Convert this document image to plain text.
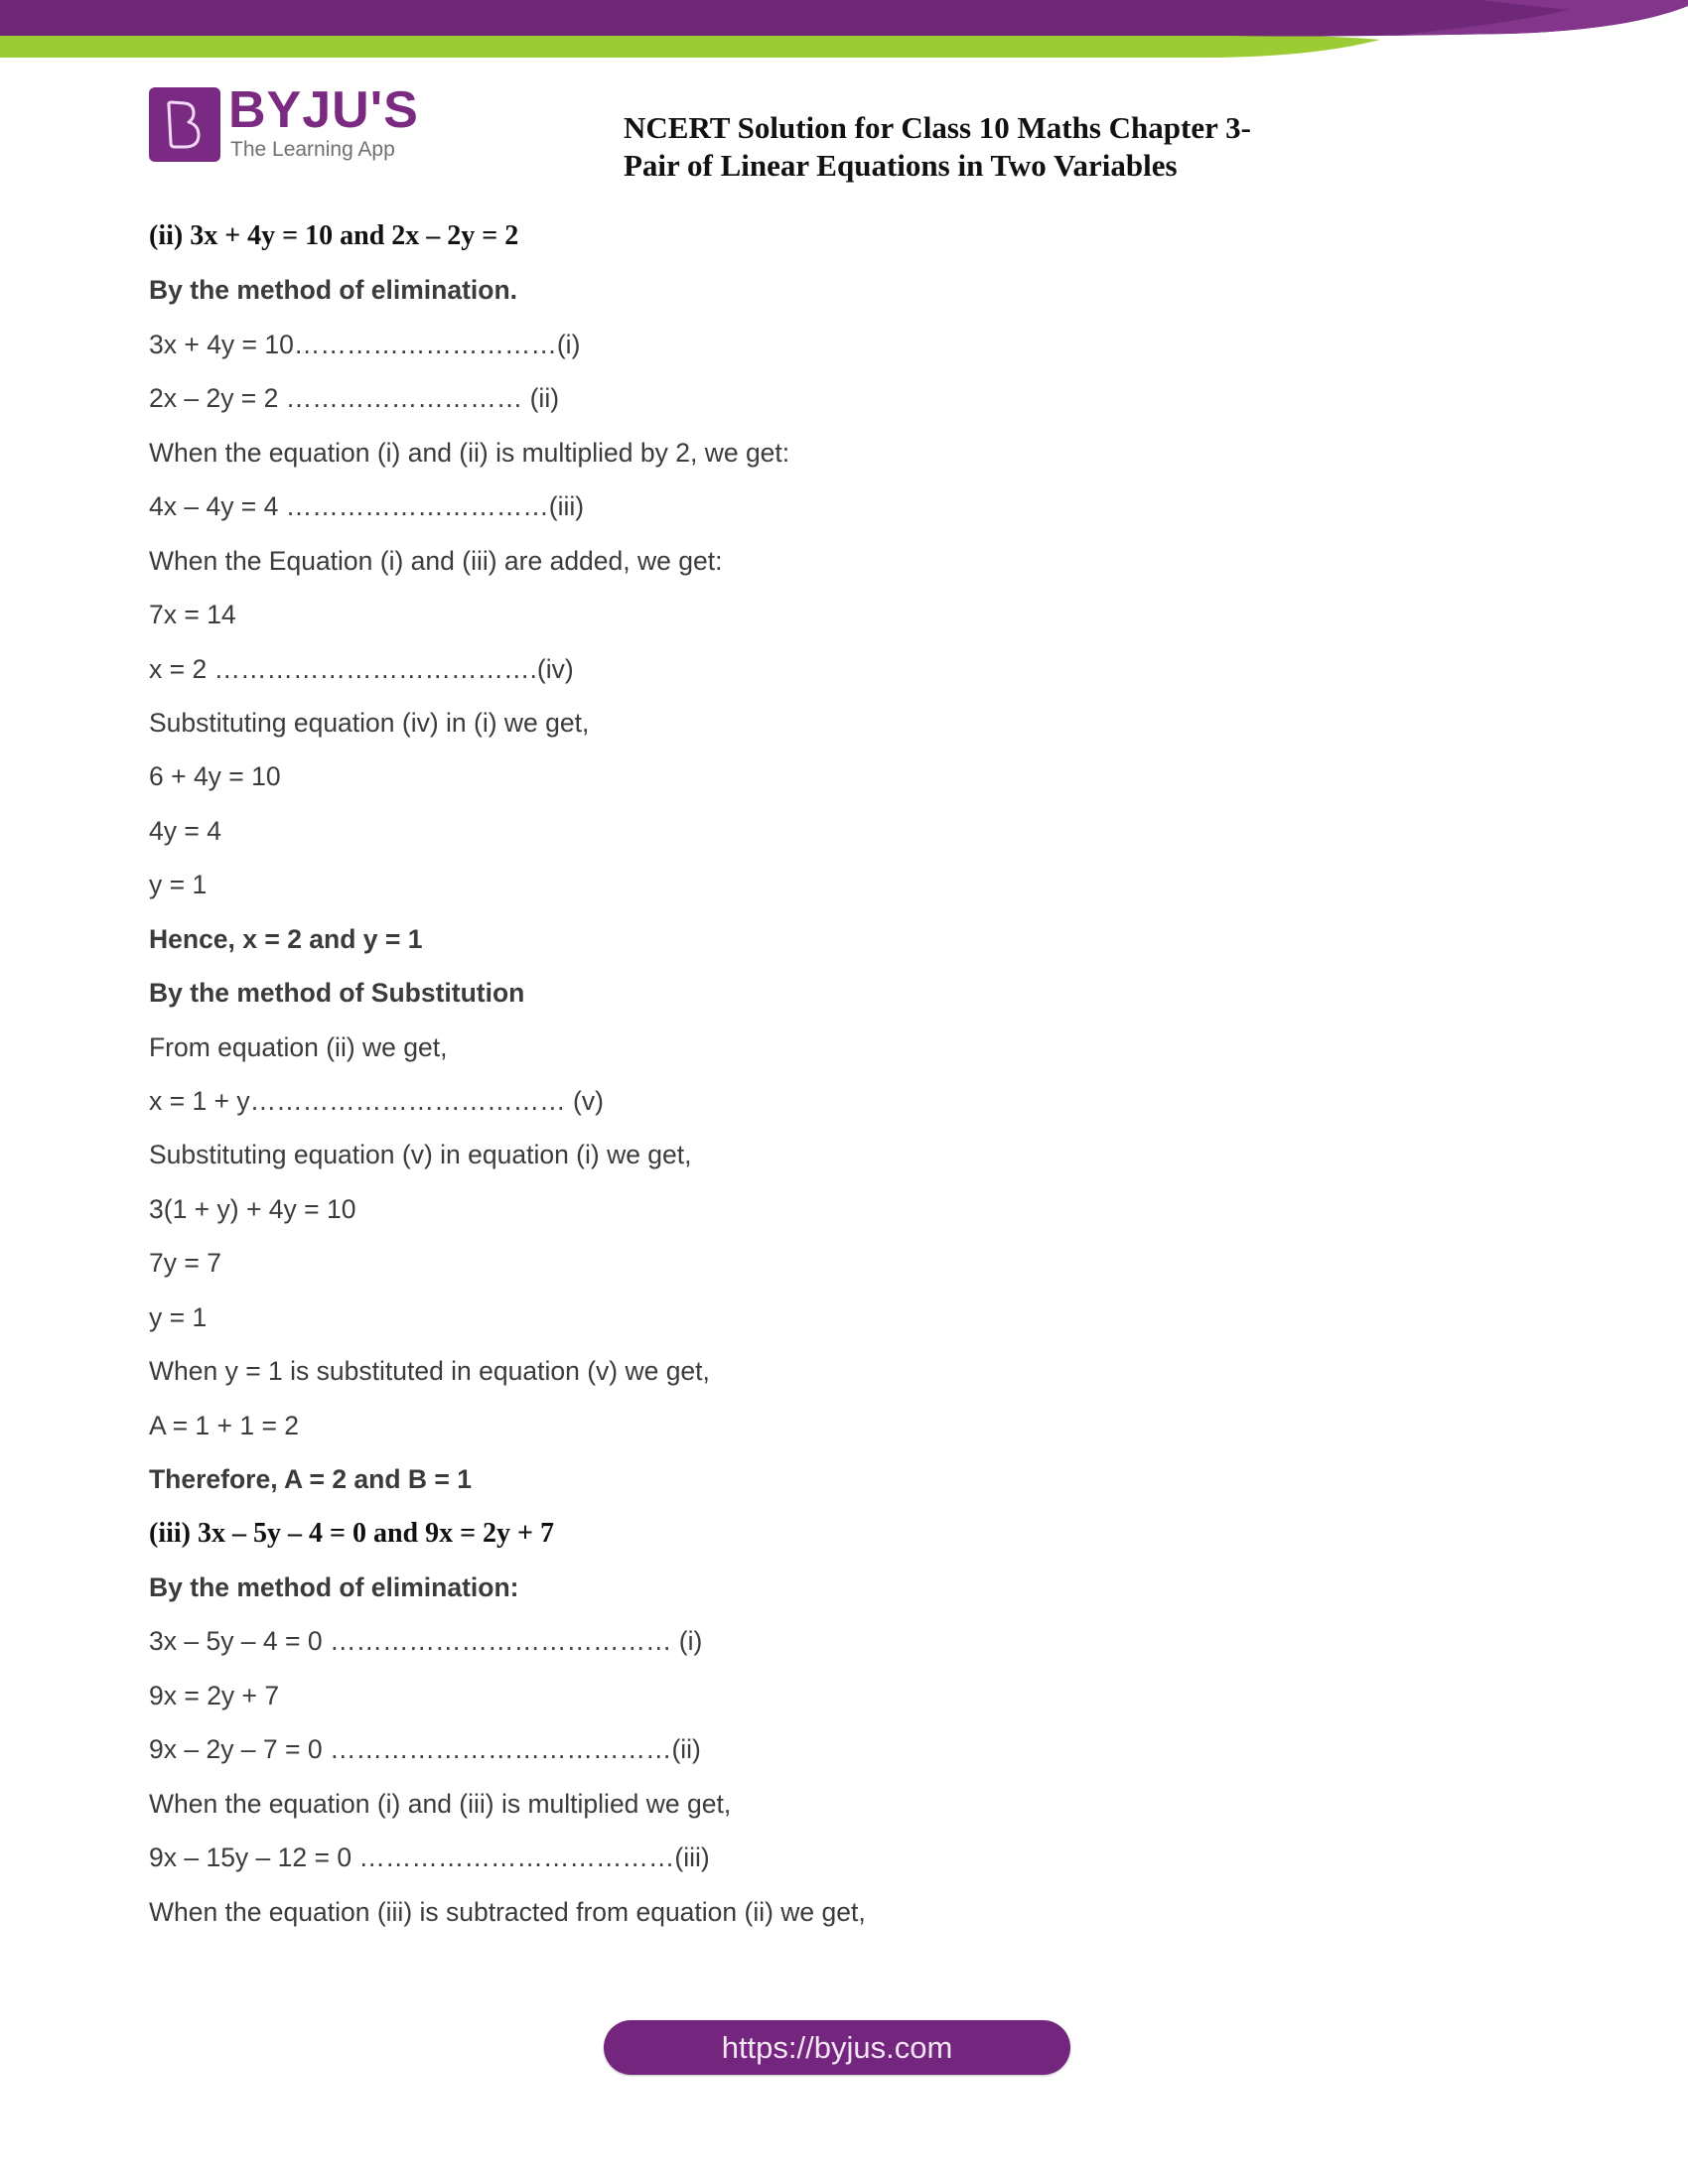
BYJU'S
The Learning App
NCERT Solution for Class 10 Maths Chapter 3-
Pair of Linear Equations in Two Variables
(ii) 3x + 4y = 10 and 2x – 2y = 2
By the method of elimination.
3x + 4y = 10…………………………(i)
2x – 2y = 2 ……………………… (ii)
When the equation (i) and (ii) is multiplied by 2, we get:
4x – 4y = 4 …………………………(iii)
When the Equation (i) and (iii) are added, we get:
7x = 14
x = 2 ……………………………….(iv)
Substituting equation (iv) in (i) we get,
6 + 4y = 10
4y = 4
y = 1
Hence, x = 2 and y = 1
By the method of Substitution
From equation (ii) we get,
x = 1 + y……………………………… (v)
Substituting equation (v) in equation (i) we get,
3(1 + y) + 4y = 10
7y = 7
y = 1
When y = 1 is substituted in equation (v) we get,
A = 1 + 1 = 2
Therefore, A = 2 and B = 1
(iii) 3x – 5y – 4 = 0 and 9x = 2y + 7
By the method of elimination:
3x – 5y – 4 = 0 ………………………………… (i)
9x = 2y + 7
9x – 2y – 7 = 0 …………………………………(ii)
When the equation (i) and (iii) is multiplied we get,
9x – 15y – 12 = 0 ………………………………(iii)
When the equation (iii) is subtracted from equation (ii) we get,
https://byjus.com
